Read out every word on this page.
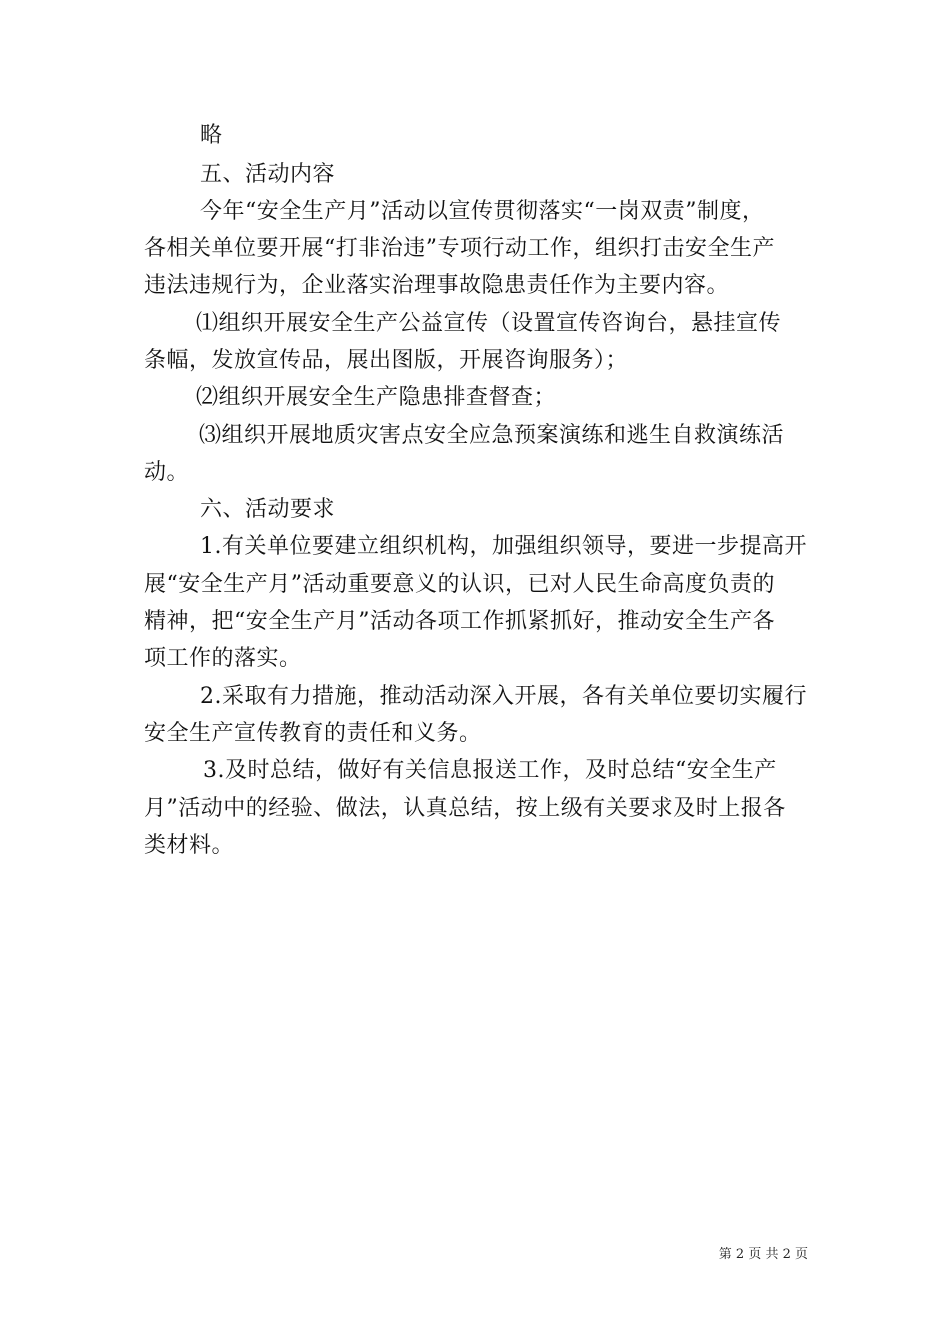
略
五、活动内容
今年“安全生产月”活动以宣传贯彻落实“一岗双责”制度，
各相关单位要开展“打非治违”专项行动工作，组织打击安全生产
违法违规行为，企业落实治理事故隐患责任作为主要内容。
⑴组织开展安全生产公益宣传（设置宣传咨询台，悬挂宣传
条幅，发放宣传品，展出图版，开展咨询服务）；
⑵组织开展安全生产隐患排查督查；
⑶组织开展地质灾害点安全应急预案演练和逃生自救演练活
动。
六、活动要求
1.有关单位要建立组织机构，加强组织领导，要进一步提高开
展“安全生产月”活动重要意义的认识，已对人民生命高度负责的
精神，把“安全生产月”活动各项工作抓紧抓好，推动安全生产各
项工作的落实。
2.采取有力措施，推动活动深入开展，各有关单位要切实履行
安全生产宣传教育的责任和义务。
3.及时总结，做好有关信息报送工作，及时总结“安全生产
月”活动中的经验、做法，认真总结，按上级有关要求及时上报各
类材料。
第 2 页 共 2 页
